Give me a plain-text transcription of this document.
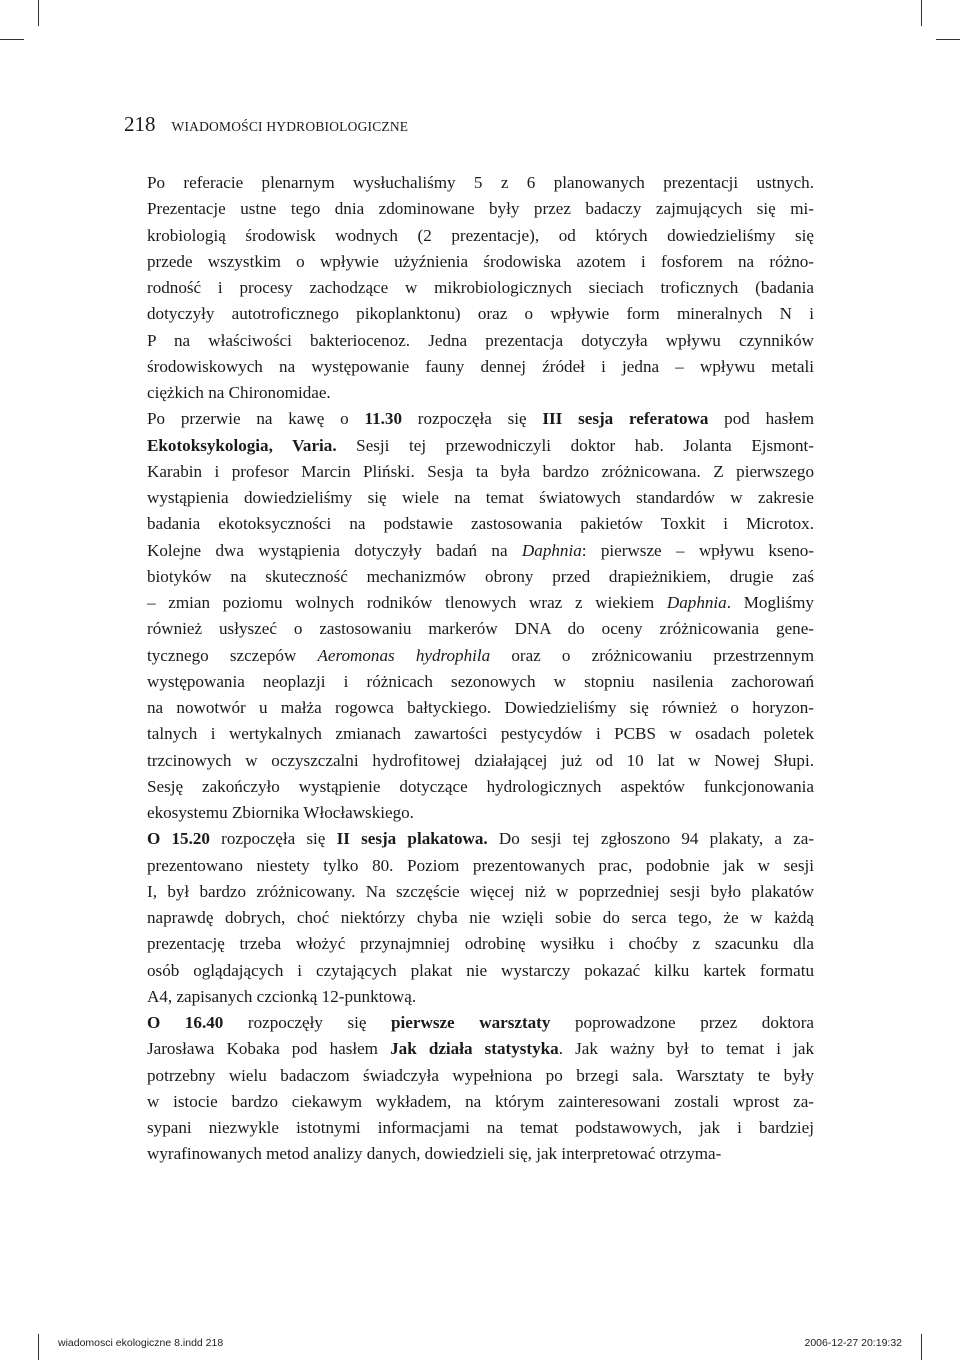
218 WIADOMOŚCI HYDROBIOLOGICZNE

Po referacie plenarnym wysłuchaliśmy 5 z 6 planowanych prezentacji ustnych.
Prezentacje ustne tego dnia zdominowane były przez badaczy zajmujących się mi-
krobiologią środowisk wodnych (2 prezentacje), od których dowiedzieliśmy się
przede wszystkim o wpływie użyźnienia środowiska azotem i fosforem na różno-
rodność i procesy zachodzące w mikrobiologicznych sieciach troficznych (badania
dotyczyły autotroficznego pikoplanktonu) oraz o wpływie form mineralnych N i
P na właściwości bakteriocenoz. Jedna prezentacja dotyczyła wpływu czynników
środowiskowych na występowanie fauny dennej źródeł i jedna – wpływu metali
ciężkich na Chironomidae.

Po przerwie na kawę o 11.30 rozpoczęła się III sesja referatowa pod hasłem
Ekotoksykologia, Varia. Sesji tej przewodniczyli doktor hab. Jolanta Ejsmont-
Karabin i profesor Marcin Pliński. Sesja ta była bardzo zróżnicowana. Z pierwszego
wystąpienia dowiedzieliśmy się wiele na temat światowych standardów w zakresie
badania ekotoksyczności na podstawie zastosowania pakietów Toxkit i Microtox.
Kolejne dwa wystąpienia dotyczyły badań na Daphnia: pierwsze – wpływu kseno-
biotyków na skuteczność mechanizmów obrony przed drapieżnikiem, drugie zaś
– zmian poziomu wolnych rodników tlenowych wraz z wiekiem Daphnia. Mogliśmy
również usłyszeć o zastosowaniu markerów DNA do oceny zróżnicowania gene-
tycznego szczepów Aeromonas hydrophila oraz o zróżnicowaniu przestrzennym
występowania neoplazji i różnicach sezonowych w stopniu nasilenia zachorowań
na nowotwór u małża rogowca bałtyckiego. Dowiedzieliśmy się również o horyzon-
talnych i wertykalnych zmianach zawartości pestycydów i PCBS w osadach poletek
trzcinowych w oczyszczalni hydrofitowej działającej już od 10 lat w Nowej Słupi.
Sesję zakończyło wystąpienie dotyczące hydrologicznych aspektów funkcjonowania
ekosystemu Zbiornika Włocławskiego.

O 15.20 rozpoczęła się II sesja plakatowa. Do sesji tej zgłoszono 94 plakaty, a za-
prezentowano niestety tylko 80. Poziom prezentowanych prac, podobnie jak w sesji
I, był bardzo zróżnicowany. Na szczęście więcej niż w poprzedniej sesji było plakatów
naprawdę dobrych, choć niektórzy chyba nie wzięli sobie do serca tego, że w każdą
prezentację trzeba włożyć przynajmniej odrobinę wysiłku i choćby z szacunku dla
osób oglądających i czytających plakat nie wystarczy pokazać kilku kartek formatu
A4, zapisanych czcionką 12-punktową.

O 16.40 rozpoczęły się pierwsze warsztaty poprowadzone przez doktora
Jarosława Kobaka pod hasłem Jak działa statystyka. Jak ważny był to temat i jak
potrzebny wielu badaczom świadczyła wypełniona po brzegi sala. Warsztaty te były
w istocie bardzo ciekawym wykładem, na którym zainteresowani zostali wprost za-
sypani niezwykle istotnymi informacjami na temat podstawowych, jak i bardziej
wyrafinowanych metod analizy danych, dowiedzieli się, jak interpretować otrzyma-

wiadomosci ekologiczne 8.indd 218	2006-12-27 20:19:32
